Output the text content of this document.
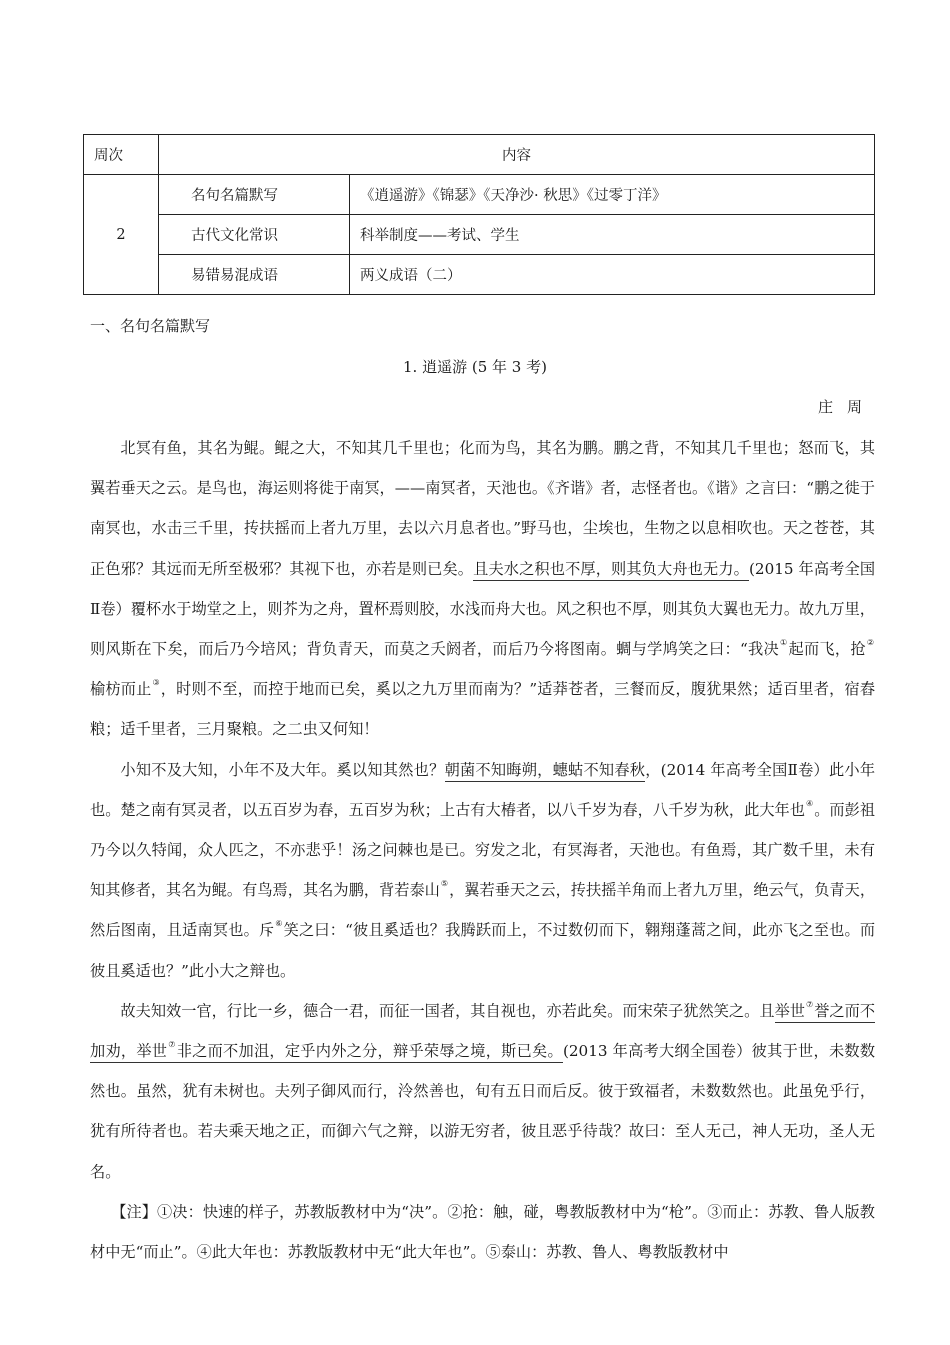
周次	内容	
2	名句名篇默写	《逍遥游》《锦瑟》《天净沙· 秋思》《过零丁洋》
	古代文化常识	科举制度——考试、学生
	易错易混成语	两义成语（二）
一、名句名篇默写
1. 逍遥游 (5 年 3 考)
庄周

北冥有鱼，其名为鲲。鲲之大，不知其几千里也；化而为鸟，其名为鹏。鹏之背，不知其几千里也；怒而飞，其翼若垂天之云。是鸟也，海运则将徙于南冥，——南冥者，天池也。《齐谐》者，志怪者也。《谐》之言曰：“鹏之徙于南冥也，水击三千里，抟扶摇而上者九万里，去以六月息者也。”野马也，尘埃也，生物之以息相吹也。天之苍苍，其正色邪？其远而无所至极邪？其视下也，亦若是则已矣。且夫水之积也不厚，则其负大舟也无力。(2015 年高考全国Ⅱ卷）覆杯水于坳堂之上，则芥为之舟，置杯焉则胶，水浅而舟大也。风之积也不厚，则其负大翼也无力。故九万里，则风斯在下矣，而后乃今培风；背负青天，而莫之夭阏者，而后乃今将图南。蜩与学鸠笑之曰：“我决①起而飞，抢②榆枋而止③，时则不至，而控于地而已矣，奚以之九万里而南为？”适莽苍者，三餐而反，腹犹果然；适百里者，宿舂粮；适千里者，三月聚粮。之二虫又何知！

小知不及大知，小年不及大年。奚以知其然也？朝菌不知晦朔，蟪蛄不知春秋，(2014 年高考全国Ⅱ卷）此小年也。楚之南有冥灵者，以五百岁为春，五百岁为秋；上古有大椿者，以八千岁为春，八千岁为秋，此大年也④。而彭祖乃今以久特闻，众人匹之，不亦悲乎！汤之问棘也是已。穷发之北，有冥海者，天池也。有鱼焉，其广数千里，未有知其修者，其名为鲲。有鸟焉，其名为鹏，背若泰山⑤，翼若垂天之云，抟扶摇羊角而上者九万里，绝云气，负青天，然后图南，且适南冥也。斥⑥笑之曰：“彼且奚适也？我腾跃而上，不过数仞而下，翱翔蓬蒿之间，此亦飞之至也。而彼且奚适也？”此小大之辩也。

故夫知效一官，行比一乡，德合一君，而征一国者，其自视也，亦若此矣。而宋荣子犹然笑之。且举世⑦誉之而不加劝，举世⑦非之而不加沮，定乎内外之分，辩乎荣辱之境，斯已矣。(2013 年高考大纲全国卷）彼其于世，未数数然也。虽然，犹有未树也。夫列子御风而行，泠然善也，旬有五日而后反。彼于致福者，未数数然也。此虽免乎行，犹有所待者也。若夫乘天地之正，而御六气之辩，以游无穷者，彼且恶乎待哉？故曰：至人无己，神人无功，圣人无名。

【注】①决：快速的样子，苏教版教材中为“决”。②抢：触，碰，粤教版教材中为“枪”。③而止：苏教、鲁人版教材中无“而止”。④此大年也：苏教版教材中无“此大年也”。⑤泰山：苏教、鲁人、粤教版教材中
